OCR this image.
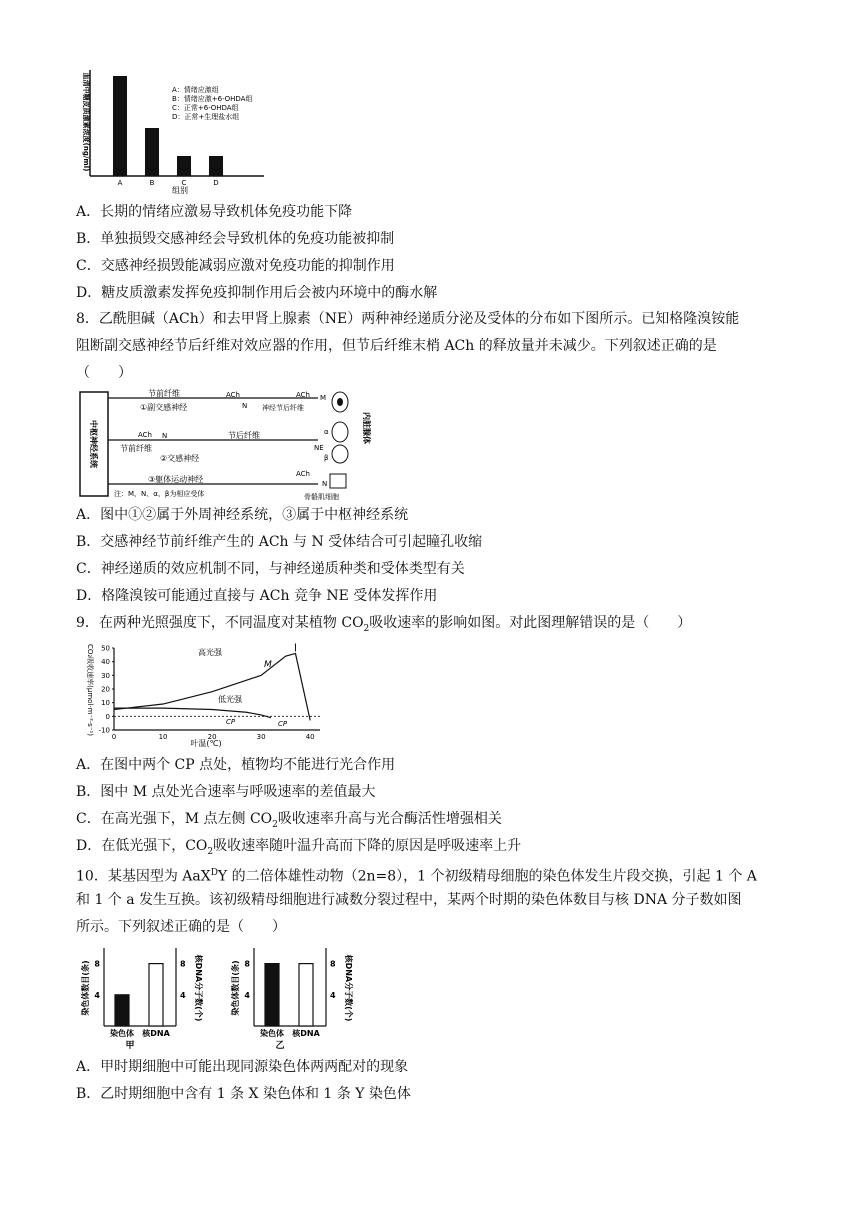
血清中糖皮质激素浓度(ng/ml)
A	B	C	D
组别
A：情绪应激组
B：情绪应激+6-OHDA组
C：正常+6-OHDA组
D：正常+生理盐水组
A．长期的情绪应激易导致机体免疫功能下降
B．单独损毁交感神经会导致机体的免疫功能被抑制
C．交感神经损毁能减弱应激对免疫功能的抑制作用
D．糖皮质激素发挥免疫抑制作用后会被内环境中的酶水解
8．乙酰胆碱（ACh）和去甲肾上腺素（NE）两种神经递质分泌及受体的分布如下图所示。已知格隆溴铵能
阻断副交感神经节后纤维对效应器的作用，但节后纤维末梢 ACh 的释放量并未减少。下列叙述正确的是
（　　）
中枢神经系统
节前纤维	ACh	ACh
①副交感神经	N 神经节后纤维
M
内脏腺体
ACh N
节前纤维
节后纤维
②交感神经
NE
α
β
ACh
N
③躯体运动神经
注：M、N、α、β为相应受体	骨骼肌细胞
A．图中①②属于外周神经系统，③属于中枢神经系统
B．交感神经节前纤维产生的 ACh 与 N 受体结合可引起瞳孔收缩
C．神经递质的效应机制不同，与神经递质种类和受体类型有关
D．格隆溴铵可能通过直接与 ACh 竞争 NE 受体发挥作用
9．在两种光照强度下，不同温度对某植物 $CO_2$吸收速率的影响如图。对此图理解错误的是（　　）
CO₂吸收速率(μmol·m⁻²·s⁻¹) -10
0
10
20
30
40
50
0	10	20	30	40
叶温(℃)
高光强
低光强
M
CP	CP
A．在图中两个 CP 点处，植物均不能进行光合作用
B．图中 M 点处光合速率与呼吸速率的差值最大
C．在高光强下，M 点左侧 $CO_2$吸收速率升高与光合酶活性增强相关
D．在低光强下，$CO_2$吸收速率随叶温升高而下降的原因是呼吸速率上升
10．某基因型为 AaX$^D$Y 的二倍体雄性动物（2n=8），1 个初级精母细胞的染色体发生片段交换，引起 1 个 A
和 1 个 a 发生互换。该初级精母细胞进行减数分裂过程中，某两个时期的染色体数目与核 DNA 分子数如图
所示。下列叙述正确的是（　　）
8	8
4	4
染色体数目(条)	核DNA分子数(个)
染色体 核DNA
甲
8	8
4	4
染色体数目(条)	核DNA分子数(个)
染色体 核DNA
乙
A．甲时期细胞中可能出现同源染色体两两配对的现象
B．乙时期细胞中含有 1 条 X 染色体和 1 条 Y 染色体
